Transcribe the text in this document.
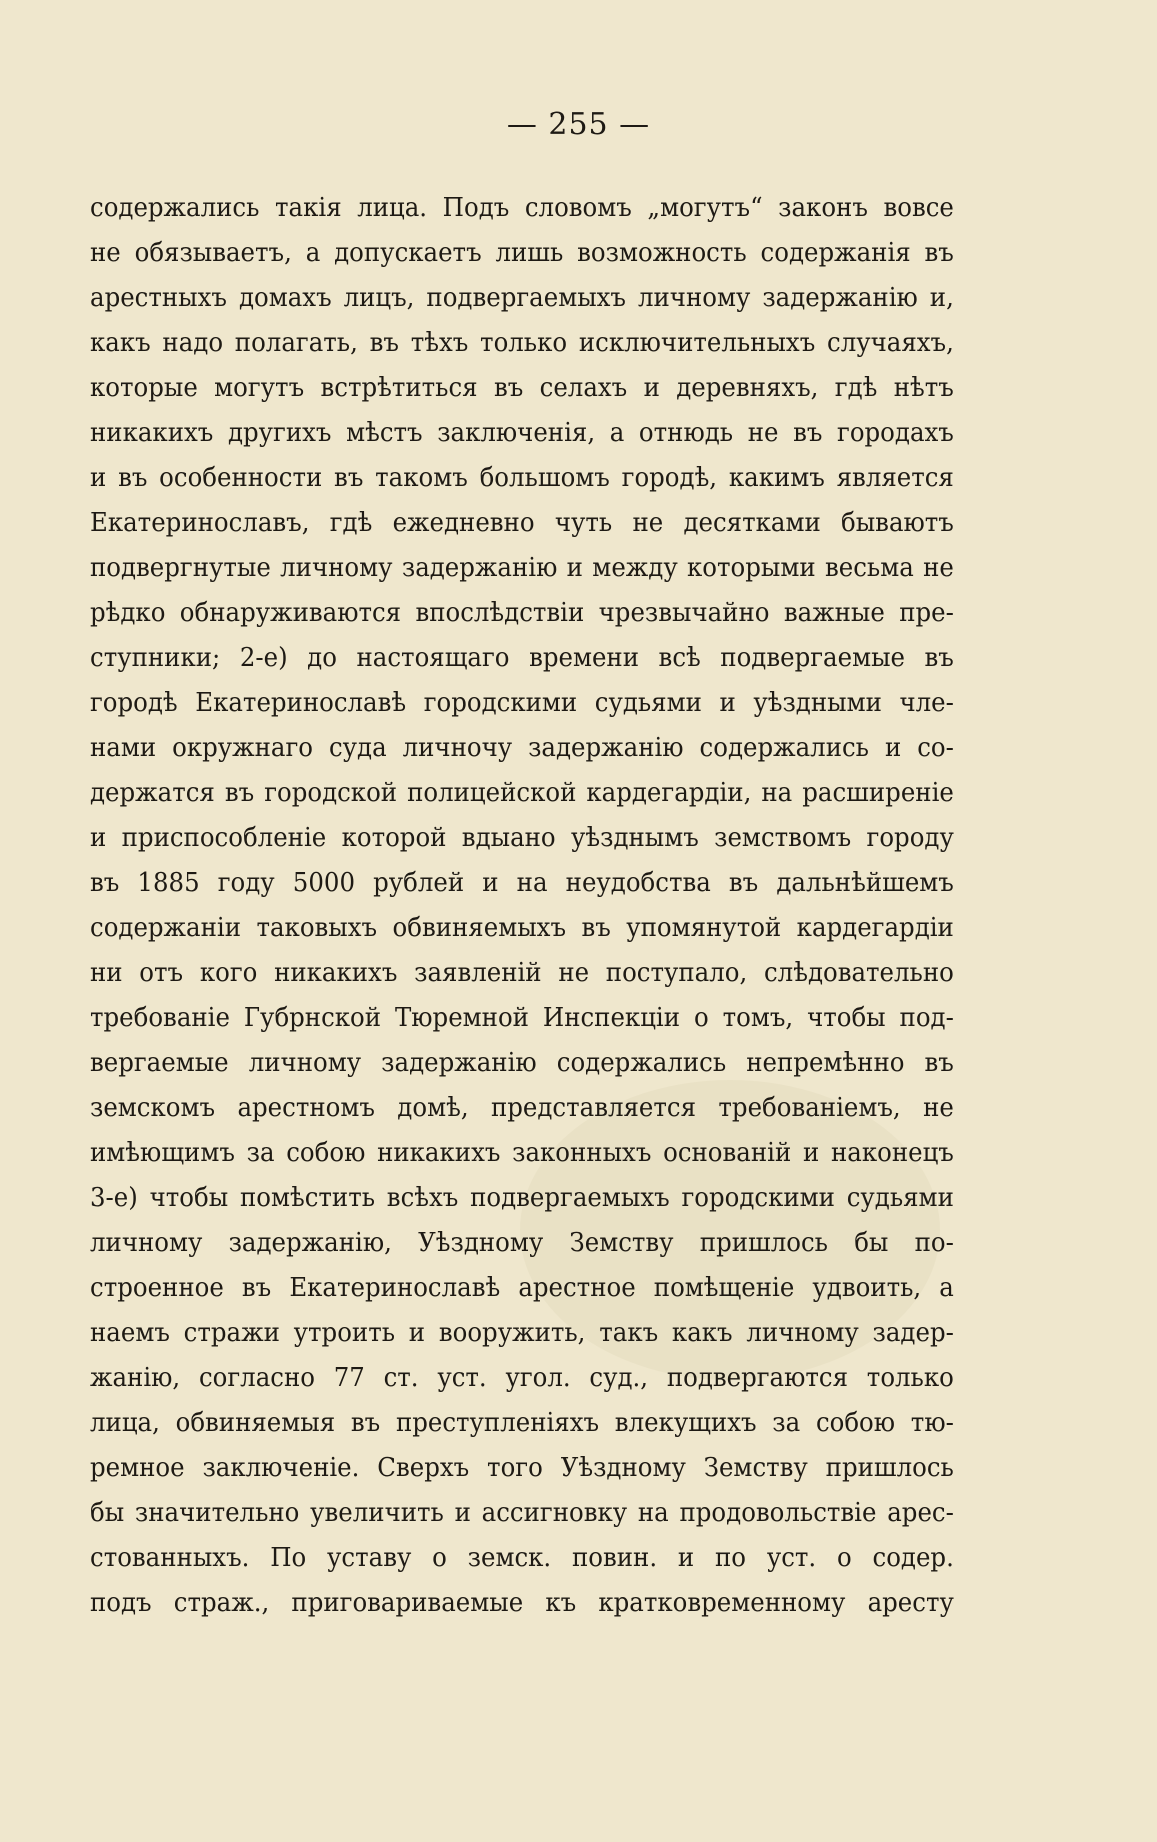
— 255 —
содержались такія лица. Подъ словомъ „могутъ“ законъ вовсе
не обязываетъ, а допускаетъ лишь возможность содержанія въ
арестныхъ домахъ лицъ, подвергаемыхъ личному задержанію и,
какъ надо полагать, въ тѣхъ только исключительныхъ случаяхъ,
которые могутъ встрѣтиться въ селахъ и деревняхъ, гдѣ нѣтъ
никакихъ другихъ мѣстъ заключенія, а отнюдь не въ городахъ
и въ особенности въ такомъ большомъ городѣ, какимъ является
Екатеринославъ, гдѣ ежедневно чуть не десятками бываютъ
подвергнутые личному задержанію и между которыми весьма не
рѣдко обнаруживаются впослѣдствіи чрезвычайно важные пре-
ступники; 2-е) до настоящаго времени всѣ подвергаемые въ
городѣ Екатеринославѣ городскими судьями и уѣздными чле-
нами окружнаго суда личночу задержанію содержались и со-
держатся въ городской полицейской кардегардіи, на расширеніе
и приспособленіе которой вдыано уѣзднымъ земствомъ городу
въ 1885 году 5000 рублей и на неудобства въ дальнѣйшемъ
содержаніи таковыхъ обвиняемыхъ въ упомянутой кардегардіи
ни отъ кого никакихъ заявленій не поступало, слѣдовательно
требованіе Губрнской Тюремной Инспекціи о томъ, чтобы под-
вергаемые личному задержанію содержались непремѣнно въ
земскомъ арестномъ домѣ, представляется требованіемъ, не
имѣющимъ за собою никакихъ законныхъ основаній и наконецъ
3-е) чтобы помѣстить всѣхъ подвергаемыхъ городскими судьями
личному задержанію, Уѣздному Земству пришлось бы по-
строенное въ Екатеринославѣ арестное помѣщеніе удвоить, а
наемъ стражи утроить и вооружить, такъ какъ личному задер-
жанію, согласно 77 ст. уст. угол. суд., подвергаются только
лица, обвиняемыя въ преступленіяхъ влекущихъ за собою тю-
ремное заключеніе. Сверхъ того Уѣздному Земству пришлось
бы значительно увеличить и ассигновку на продовольствіе арес-
стованныхъ. По уставу о земск. повин. и по уст. о содер.
подъ страж., приговариваемые къ кратковременному аресту
